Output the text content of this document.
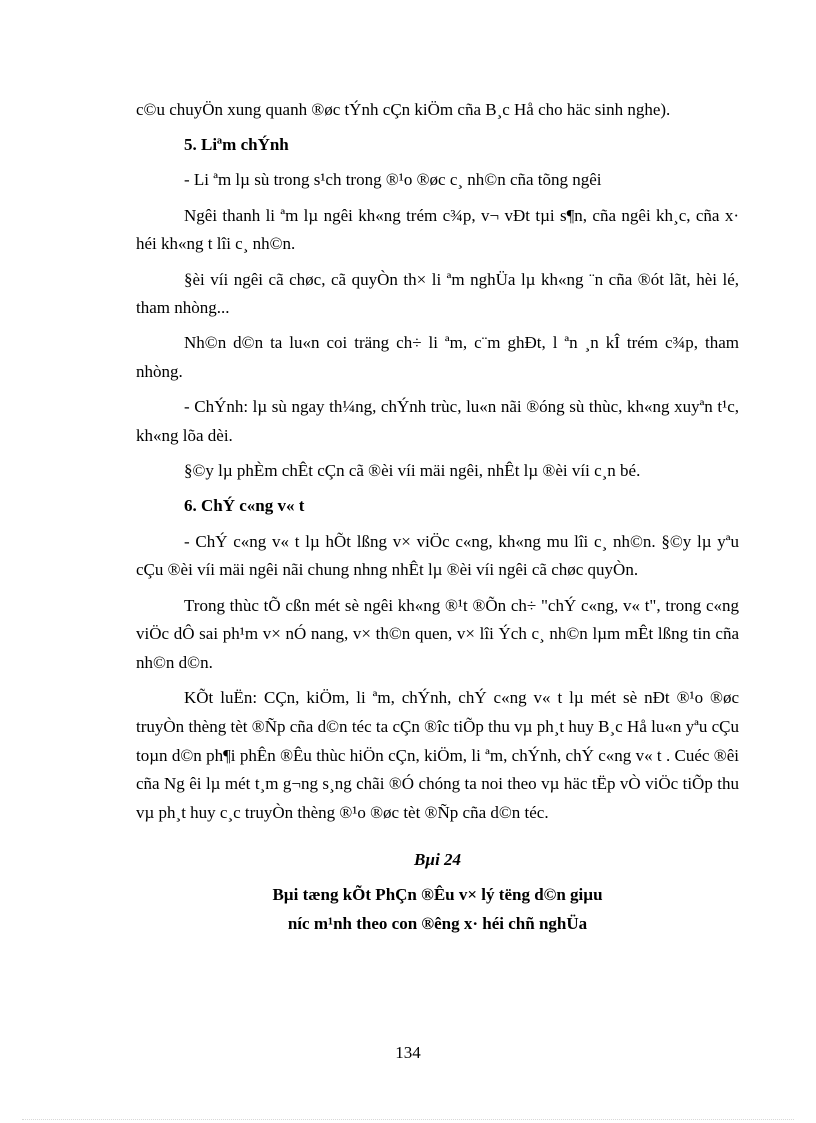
c©u chuyÖn xung quanh ®øc tÝnh cÇn kiÖm cña B¸c Hå cho häc sinh nghe).

5. Liªm chÝnh

- Li ªm lµ sù trong s¹ch trong ®¹o ®øc c¸ nh©n cña tõng ngêi

Ngêi thanh li ªm lµ ngêi kh«ng trém c¾p, v¬ vÐt tµi s¶n, cña ngêi kh¸c, cña x· héi kh«ng t lîi c¸ nh©n.

§èi víi ngêi cã chøc, cã quyÒn th× li ªm nghÜa lµ kh«ng ¨n cña ®ót lãt, hèi lé, tham nhòng...

Nh©n d©n ta lu«n coi träng ch÷ li ªm, c¨m ghÐt, l ªn ¸n kÎ trém c¾p, tham nhòng.

- ChÝnh: lµ sù ngay th¼ng, chÝnh trùc, lu«n nãi ®óng sù thùc, kh«ng xuyªn t¹c, kh«ng lõa dèi.

§©y lµ phÈm chÊt cÇn cã ®èi víi mäi ngêi, nhÊt lµ ®èi víi c¸n bé.

6. ChÝ c«ng v« t

- ChÝ c«ng v« t lµ hÕt lßng v× viÖc c«ng, kh«ng mu lîi c¸ nh©n. §©y lµ yªu cÇu ®èi víi mäi ngêi nãi chung nhng nhÊt lµ ®èi víi ngêi cã chøc quyÒn.

Trong thùc tÕ cßn mét sè ngêi kh«ng ®¹t ®Õn ch÷ "chÝ c«ng, v« t", trong c«ng viÖc dÔ sai ph¹m v× nÓ nang, v× th©n quen, v× lîi Ých c¸ nh©n lµm mÊt lßng tin cña nh©n d©n.

KÕt luËn: CÇn, kiÖm, li ªm, chÝnh, chÝ c«ng v« t lµ mét sè nÐt ®¹o ®øc truyÒn thèng tèt ®Ñp cña d©n téc ta cÇn ®îc tiÕp thu vµ ph¸t huy B¸c Hå lu«n yªu cÇu toµn d©n ph¶i phÊn ®Êu thùc hiÖn cÇn, kiÖm, li ªm, chÝnh, chÝ c«ng v« t . Cuéc ®êi cña Ng êi lµ mét t¸m g¬ng s¸ng chãi ®Ó chóng ta noi theo vµ häc tËp vÒ viÖc tiÕp thu vµ ph¸t huy c¸c truyÒn thèng ®¹o ®øc tèt ®Ñp cña d©n téc.

Bµi 24

Bµi tæng kÕt PhÇn ®Êu v× lý tëng d©n giµu

níc m¹nh theo con ®êng x· héi chñ nghÜa

134
